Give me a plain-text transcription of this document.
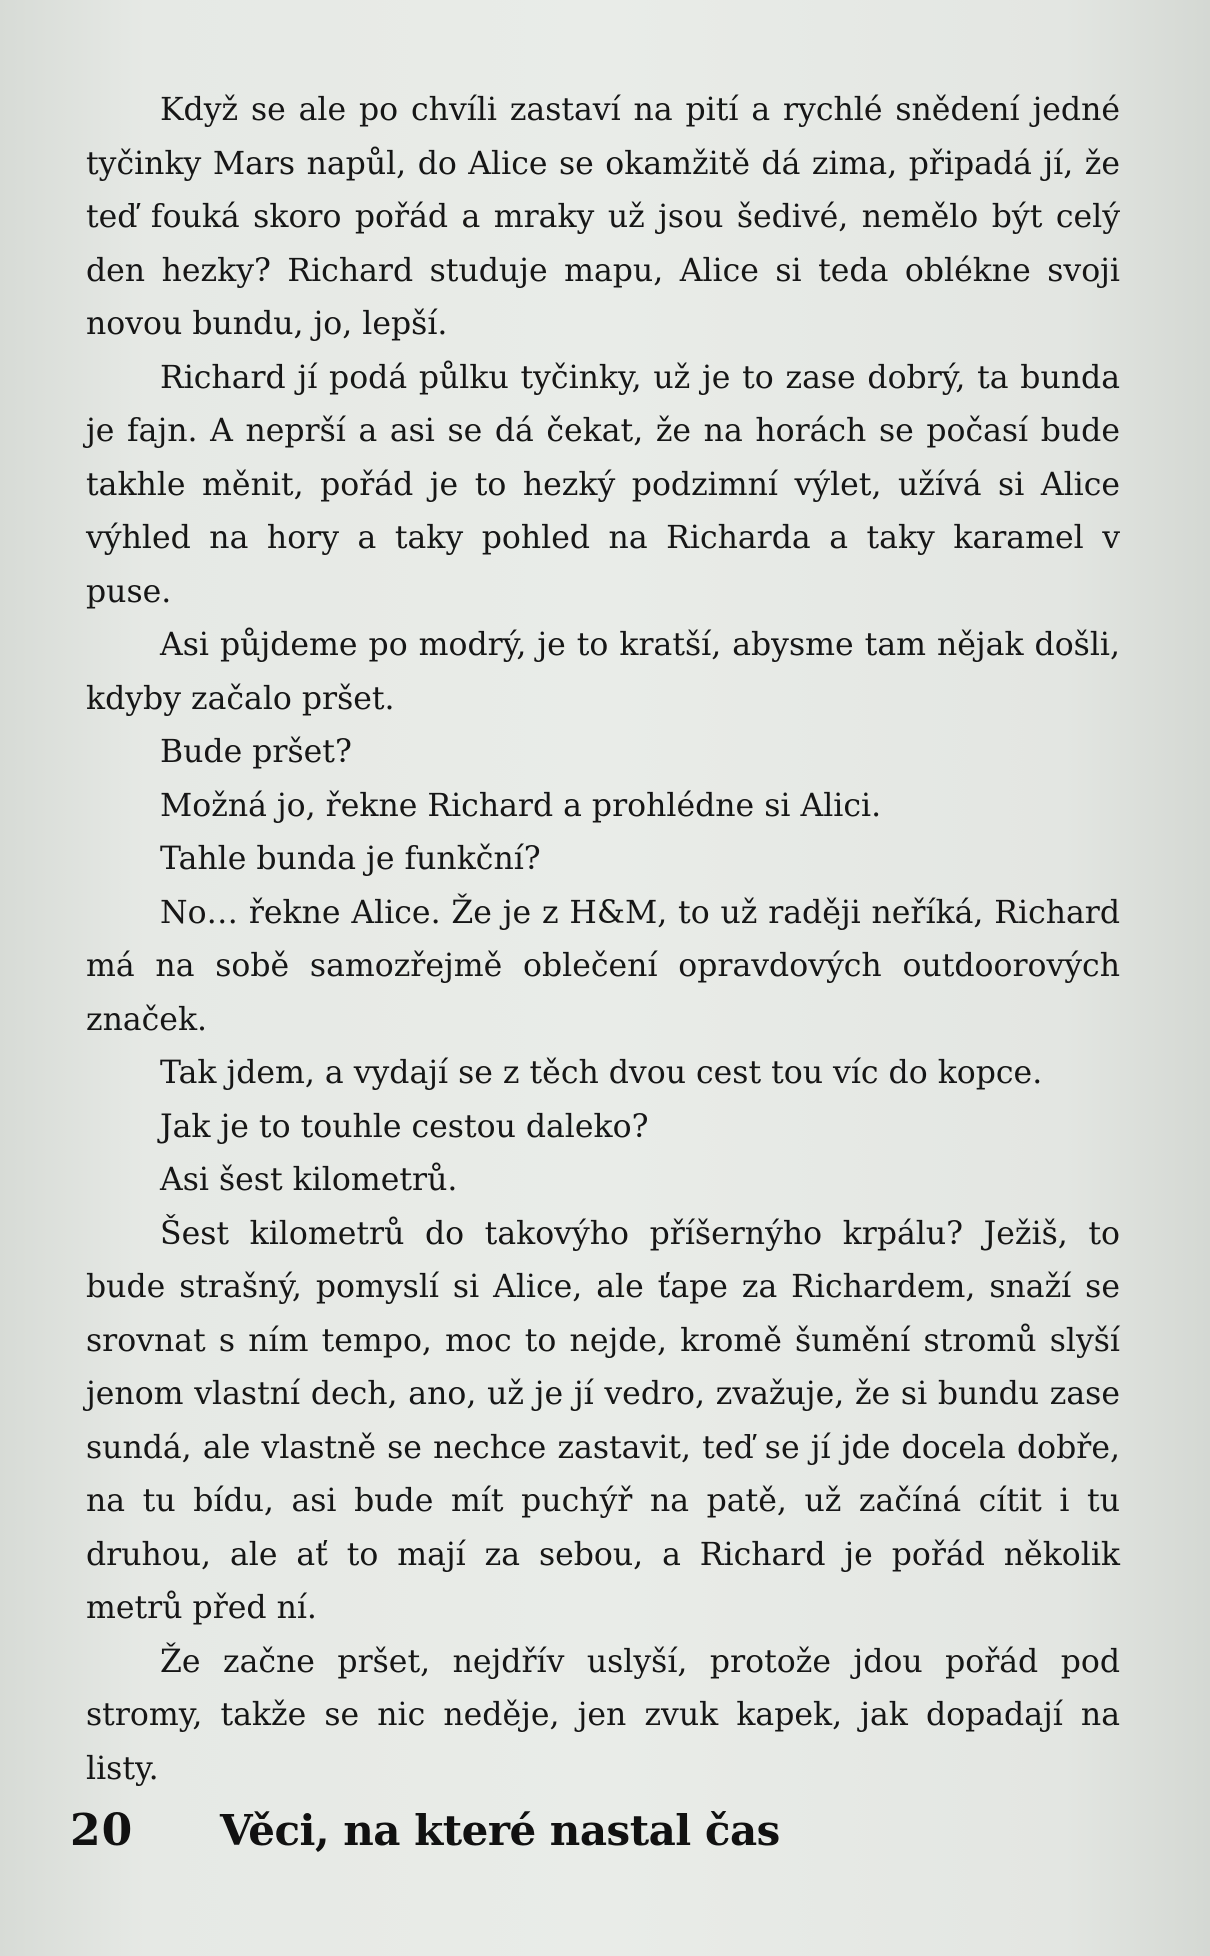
Když se ale po chvíli zastaví na pití a rychlé snědení jedné tyčinky Mars napůl, do Alice se okamžitě dá zima, připadá jí, že teď fouká skoro pořád a mraky už jsou šedivé, nemělo být celý den hezky? Richard studuje mapu, Alice si teda oblékne svoji novou bundu, jo, lepší.

Richard jí podá půlku tyčinky, už je to zase dobrý, ta bunda je fajn. A neprší a asi se dá čekat, že na horách se počasí bude takhle měnit, pořád je to hezký podzimní výlet, užívá si Alice výhled na hory a taky pohled na Richarda a taky karamel v puse.

Asi půjdeme po modrý, je to kratší, abysme tam nějak došli, kdyby začalo pršet.

Bude pršet?

Možná jo, řekne Richard a prohlédne si Alici.

Tahle bunda je funkční?

No… řekne Alice. Že je z H&M, to už raději neříká, Richard má na sobě samozřejmě oblečení opravdových outdoorových značek.

Tak jdem, a vydají se z těch dvou cest tou víc do kopce.

Jak je to touhle cestou daleko?

Asi šest kilometrů.

Šest kilometrů do takovýho příšernýho krpálu? Ježiš, to bude strašný, pomyslí si Alice, ale ťape za Richardem, snaží se srovnat s ním tempo, moc to nejde, kromě šumění stromů slyší jenom vlastní dech, ano, už je jí vedro, zvažuje, že si bundu zase sundá, ale vlastně se nechce zastavit, teď se jí jde docela dobře, na tu bídu, asi bude mít puchýř na patě, už začíná cítit i tu druhou, ale ať to mají za sebou, a Richard je pořád několik metrů před ní.

Že začne pršet, nejdřív uslyší, protože jdou pořád pod stromy, takže se nic neděje, jen zvuk kapek, jak dopadají na listy.

20 Věci, na které nastal čas
